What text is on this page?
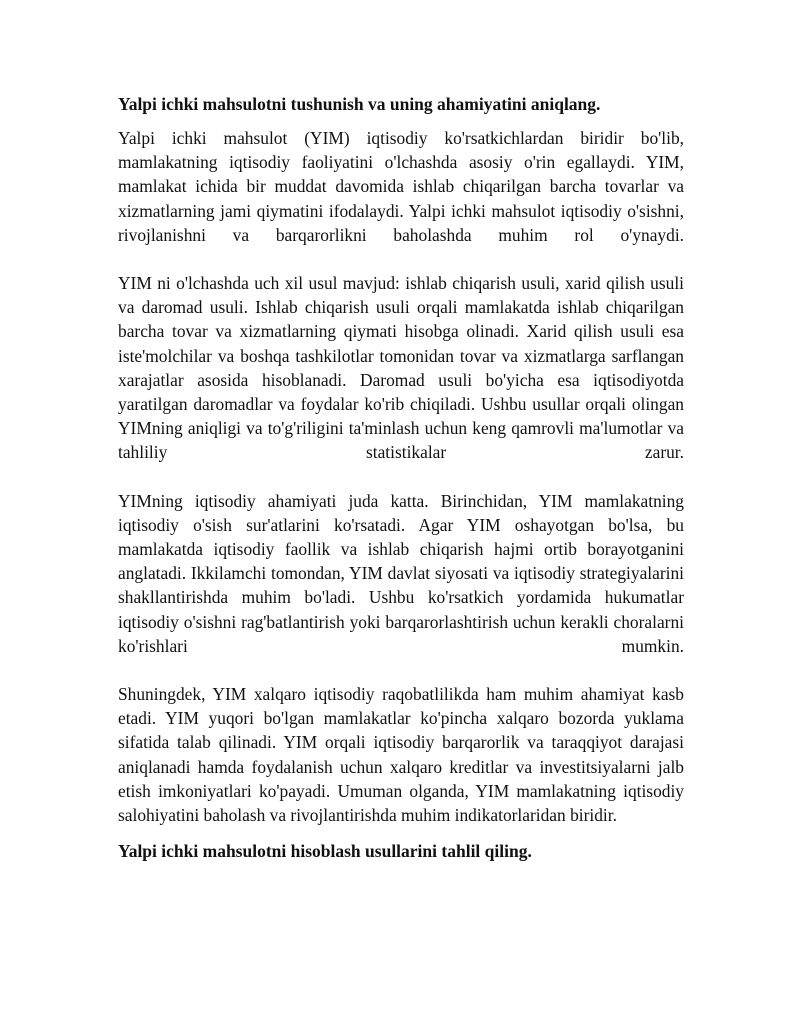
Yalpi ichki mahsulotni tushunish va uning ahamiyatini aniqlang.

Yalpi ichki mahsulot (YIM) iqtisodiy ko'rsatkichlardan biridir bo'lib, mamlakatning iqtisodiy faoliyatini o'lchashda asosiy o'rin egallaydi. YIM, mamlakat ichida bir muddat davomida ishlab chiqarilgan barcha tovarlar va xizmatlarning jami qiymatini ifodalaydi. Yalpi ichki mahsulot iqtisodiy o'sishni, rivojlanishni va barqarorlikni baholashda muhim rol o'ynaydi.

YIM ni o'lchashda uch xil usul mavjud: ishlab chiqarish usuli, xarid qilish usuli va daromad usuli. Ishlab chiqarish usuli orqali mamlakatda ishlab chiqarilgan barcha tovar va xizmatlarning qiymati hisobga olinadi. Xarid qilish usuli esa iste'molchilar va boshqa tashkilotlar tomonidan tovar va xizmatlarga sarflangan xarajatlar asosida hisoblanadi. Daromad usuli bo'yicha esa iqtisodiyotda yaratilgan daromadlar va foydalar ko'rib chiqiladi. Ushbu usullar orqali olingan YIMning aniqligi va to'g'riligini ta'minlash uchun keng qamrovli ma'lumotlar va tahliliy statistikalar zarur.

YIMning iqtisodiy ahamiyati juda katta. Birinchidan, YIM mamlakatning iqtisodiy o'sish sur'atlarini ko'rsatadi. Agar YIM oshayotgan bo'lsa, bu mamlakatda iqtisodiy faollik va ishlab chiqarish hajmi ortib borayotganini anglatadi. Ikkilamchi tomondan, YIM davlat siyosati va iqtisodiy strategiyalarini shakllantirishda muhim bo'ladi. Ushbu ko'rsatkich yordamida hukumatlar iqtisodiy o'sishni rag'batlantirish yoki barqarorlashtirish uchun kerakli choralarni ko'rishlari mumkin.

Shuningdek, YIM xalqaro iqtisodiy raqobatlilikda ham muhim ahamiyat kasb etadi. YIM yuqori bo'lgan mamlakatlar ko'pincha xalqaro bozorda yuklama sifatida talab qilinadi. YIM orqali iqtisodiy barqarorlik va taraqqiyot darajasi aniqlanadi hamda foydalanish uchun xalqaro kreditlar va investitsiyalarni jalb etish imkoniyatlari ko'payadi. Umuman olganda, YIM mamlakatning iqtisodiy salohiyatini baholash va rivojlantirishda muhim indikatorlaridan biridir.

Yalpi ichki mahsulotni hisoblash usullarini tahlil qiling.
